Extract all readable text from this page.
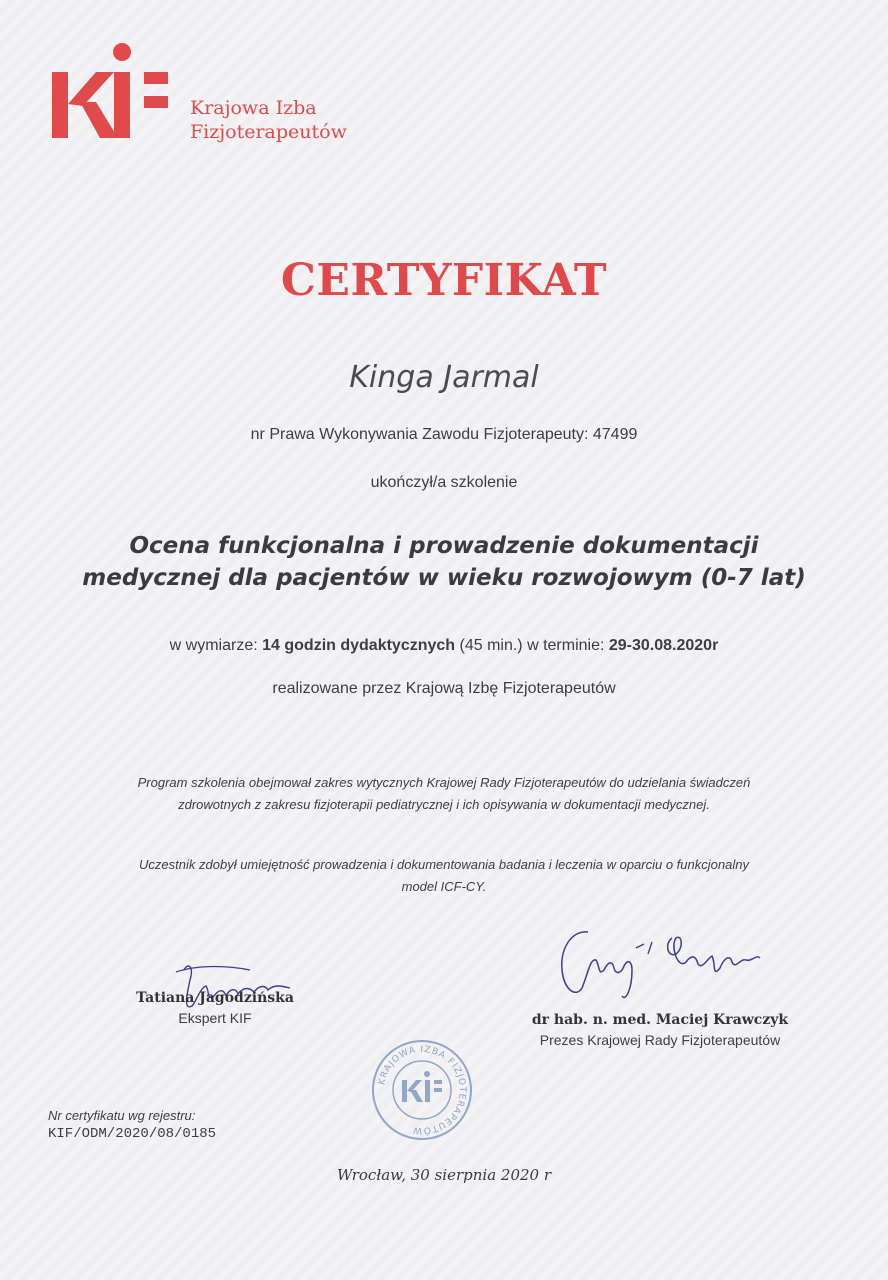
Krajowa Izba
Fizjoterapeutów
CERTYFIKAT
Kinga Jarmal
nr Prawa Wykonywania Zawodu Fizjoterapeuty: 47499
ukończył/a szkolenie
Ocena funkcjonalna i prowadzenie dokumentacji
medycznej dla pacjentów w wieku rozwojowym (0-7 lat)
w wymiarze: 14 godzin dydaktycznych (45 min.) w terminie: 29-30.08.2020r
realizowane przez Krajową Izbę Fizjoterapeutów
Program szkolenia obejmował zakres wytycznych Krajowej Rady Fizjoterapeutów do udzielania świadczeń
zdrowotnych z zakresu fizjoterapii pediatrycznej i ich opisywania w dokumentacji medycznej.
Uczestnik zdobył umiejętność prowadzenia i dokumentowania badania i leczenia w oparciu o funkcjonalny
model ICF-CY.
Tatiana Jagodzińska
Ekspert KIF	dr hab. n. med. Maciej Krawczyk
Prezes Krajowej Rady Fizjoterapeutów
KRAJOWA IZBA FIZJOTERAPEUTÓW
Nr certyfikatu wg rejestru:
KIF/ODM/2020/08/0185
Wrocław, 30 sierpnia 2020 r
